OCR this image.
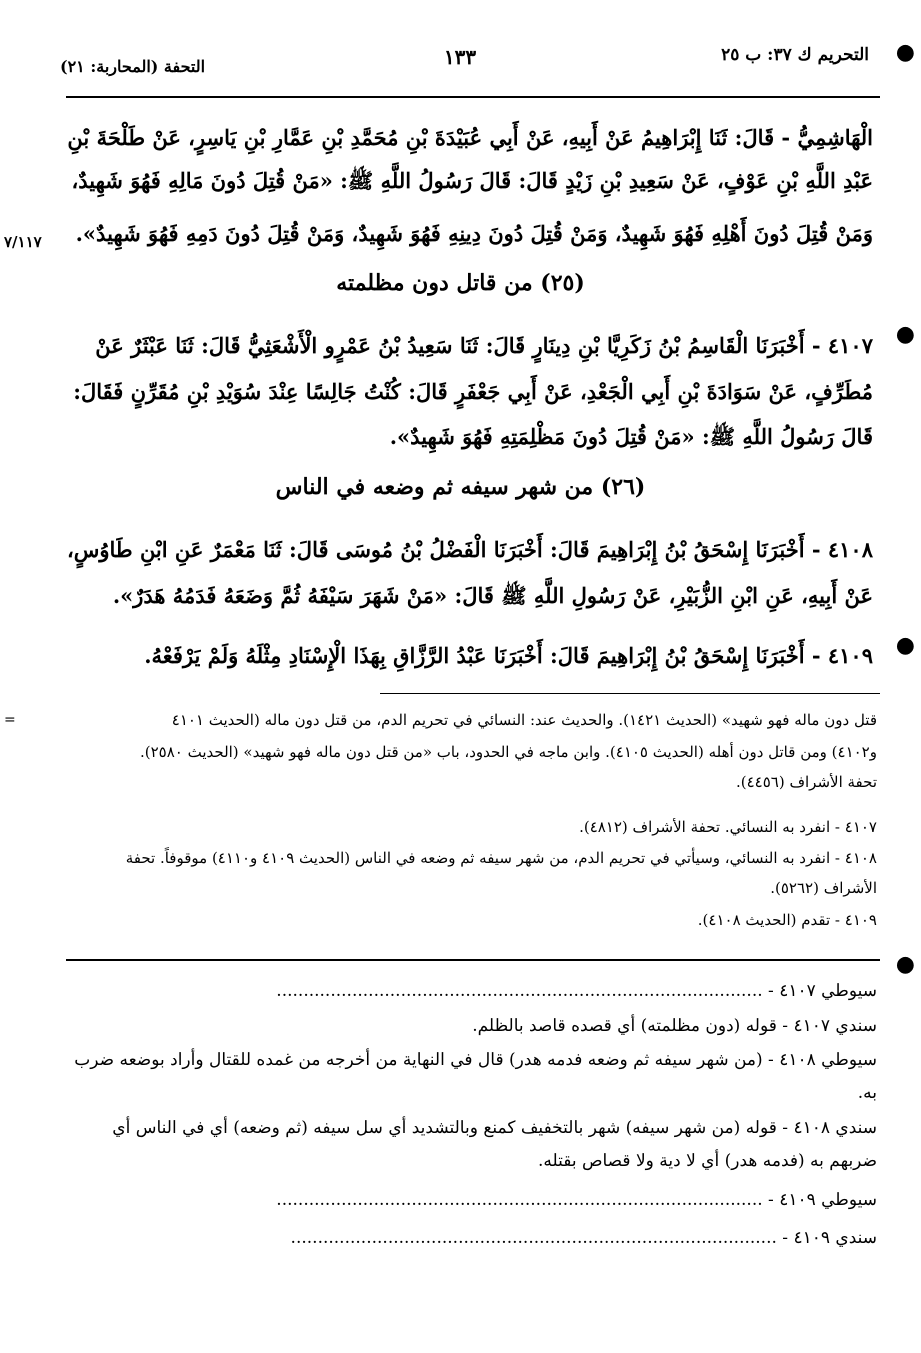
التحريم ك ٣٧: ب ٢٥
١٣٣
التحفة (المحاربة: ٢١)
●
٧/١١٧
الْهَاشِمِيُّ - قَالَ: ثَنَا إِبْرَاهِيمُ عَنْ أَبِيهِ، عَنْ أَبِي عُبَيْدَةَ بْنِ مُحَمَّدِ بْنِ عَمَّارِ بْنِ يَاسِرٍ، عَنْ طَلْحَةَ بْنِ
عَبْدِ اللَّهِ بْنِ عَوْفٍ، عَنْ سَعِيدِ بْنِ زَيْدٍ قَالَ: قَالَ رَسُولُ اللَّهِ ﷺ: «مَنْ قُتِلَ دُونَ مَالِهِ فَهُوَ شَهِيدٌ،
وَمَنْ قُتِلَ دُونَ أَهْلِهِ فَهُوَ شَهِيدٌ، وَمَنْ قُتِلَ دُونَ دِينِهِ فَهُوَ شَهِيدٌ، وَمَنْ قُتِلَ دُونَ دَمِهِ فَهُوَ شَهِيدٌ».
(٢٥) من قاتل دون مظلمته
●
٤١٠٧ - أَخْبَرَنَا الْقَاسِمُ بْنُ زَكَرِيَّا بْنِ دِينَارٍ قَالَ: ثَنَا سَعِيدُ بْنُ عَمْرٍو الْأَشْعَثِيُّ قَالَ: ثَنَا عَبْثَرٌ عَنْ
مُطَرِّفٍ، عَنْ سَوَادَةَ بْنِ أَبِي الْجَعْدِ، عَنْ أَبِي جَعْفَرٍ قَالَ: كُنْتُ جَالِسًا عِنْدَ سُوَيْدِ بْنِ مُقَرِّنٍ فَقَالَ:
قَالَ رَسُولُ اللَّهِ ﷺ: «مَنْ قُتِلَ دُونَ مَظْلِمَتِهِ فَهُوَ شَهِيدٌ».
(٢٦) من شهر سيفه ثم وضعه في الناس
٤١٠٨ - أَخْبَرَنَا إِسْحَقُ بْنُ إِبْرَاهِيمَ قَالَ: أَخْبَرَنَا الْفَضْلُ بْنُ مُوسَى قَالَ: ثَنَا مَعْمَرٌ عَنِ ابْنِ طَاوُسٍ،
عَنْ أَبِيهِ، عَنِ ابْنِ الزُّبَيْرِ، عَنْ رَسُولِ اللَّهِ ﷺ قَالَ: «مَنْ شَهَرَ سَيْفَهُ ثُمَّ وَضَعَهُ فَدَمُهُ هَدَرٌ».
●
٤١٠٩ - أَخْبَرَنَا إِسْحَقُ بْنُ إِبْرَاهِيمَ قَالَ: أَخْبَرَنَا عَبْدُ الرَّزَّاقِ بِهَذَا الْإِسْنَادِ مِثْلَهُ وَلَمْ يَرْفَعْهُ.
=	قتل دون ماله فهو شهيد» (الحديث ١٤٢١). والحديث عند: النسائي في تحريم الدم، من قتل دون ماله (الحديث ٤١٠١
و٤١٠٢) ومن قاتل دون أهله (الحديث ٤١٠٥). وابن ماجه في الحدود، باب «من قتل دون ماله فهو شهيد» (الحديث ٢٥٨٠).
تحفة الأشراف (٤٤٥٦).
٤١٠٧ - انفرد به النسائي. تحفة الأشراف (٤٨١٢).
٤١٠٨ - انفرد به النسائي، وسيأتي في تحريم الدم، من شهر سيفه ثم وضعه في الناس (الحديث ٤١٠٩ و٤١١٠) موقوفاً. تحفة
الأشراف (٥٢٦٢).
٤١٠٩ - تقدم (الحديث ٤١٠٨).
●
سيوطي ٤١٠٧ - ..........................................................................................
سندي ٤١٠٧ - قوله (دون مظلمته) أي قصده قاصد بالظلم.
سيوطي ٤١٠٨ - (من شهر سيفه ثم وضعه فدمه هدر) قال في النهاية من أخرجه من غمده للقتال وأراد بوضعه ضرب
به.
سندي ٤١٠٨ - قوله (من شهر سيفه) شهر بالتخفيف كمنع وبالتشديد أي سل سيفه (ثم وضعه) أي في الناس أي
ضربهم به (فدمه هدر) أي لا دية ولا قصاص بقتله.
سيوطي ٤١٠٩ - ..........................................................................................
سندي ٤١٠٩ - ..........................................................................................
